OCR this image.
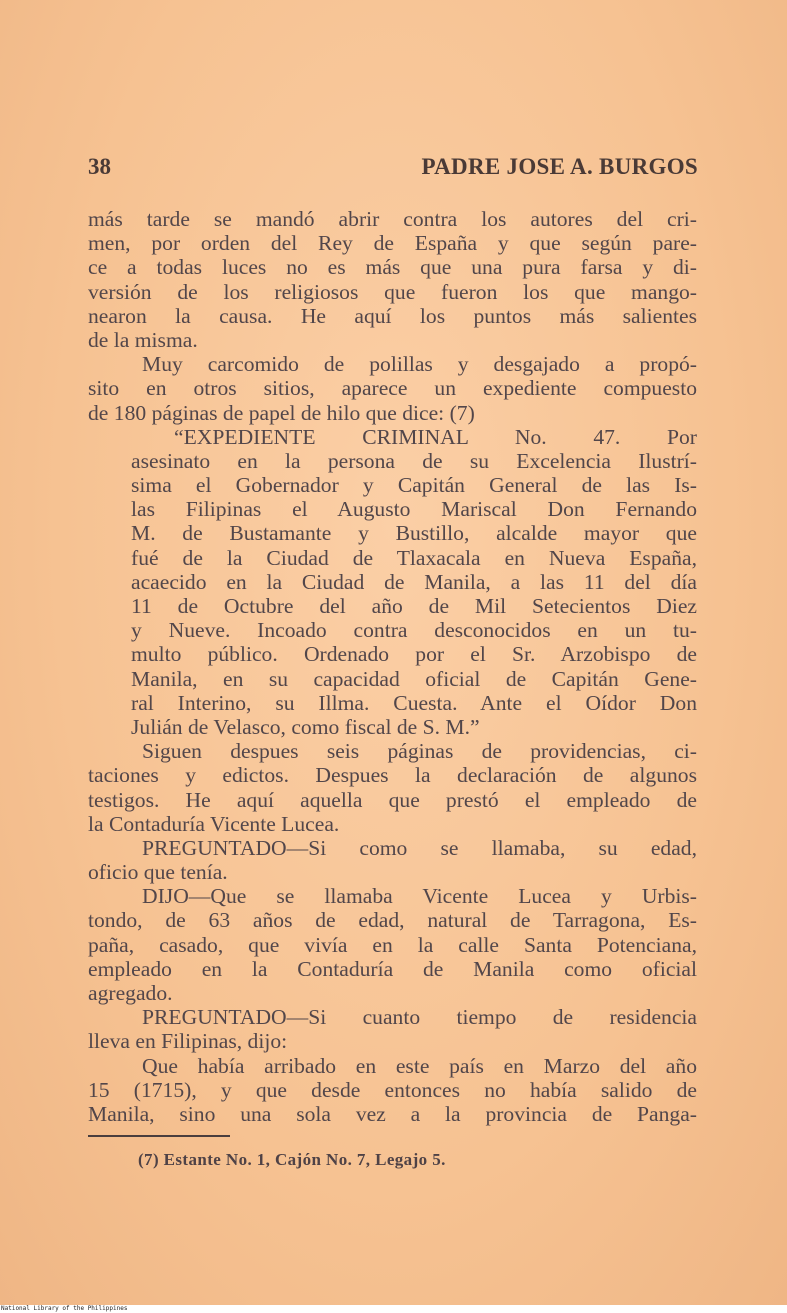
38	PADRE JOSE A. BURGOS
más tarde se mandó abrir contra los autores del cri-
men, por orden del Rey de España y que según pare-
ce a todas luces no es más que una pura farsa y di-
versión de los religiosos que fueron los que mango-
nearon la causa. He aquí los puntos más salientes
de la misma.
Muy carcomido de polillas y desgajado a propó-
sito en otros sitios, aparece un expediente compuesto
de 180 páginas de papel de hilo que dice: (7)
“EXPEDIENTE CRIMINAL No. 47. Por
asesinato en la persona de su Excelencia Ilustrí-
sima el Gobernador y Capitán General de las Is-
las Filipinas el Augusto Mariscal Don Fernando
M. de Bustamante y Bustillo, alcalde mayor que
fué de la Ciudad de Tlaxacala en Nueva España,
acaecido en la Ciudad de Manila, a las 11 del día
11 de Octubre del año de Mil Setecientos Diez
y Nueve. Incoado contra desconocidos en un tu-
multo público. Ordenado por el Sr. Arzobispo de
Manila, en su capacidad oficial de Capitán Gene-
ral Interino, su Illma. Cuesta. Ante el Oídor Don
Julián de Velasco, como fiscal de S. M.”
Siguen despues seis páginas de providencias, ci-
taciones y edictos. Despues la declaración de algunos
testigos. He aquí aquella que prestó el empleado de
la Contaduría Vicente Lucea.
PREGUNTADO—Si como se llamaba, su edad,
oficio que tenía.
DIJO—Que se llamaba Vicente Lucea y Urbis-
tondo, de 63 años de edad, natural de Tarragona, Es-
paña, casado, que vivía en la calle Santa Potenciana,
empleado en la Contaduría de Manila como oficial
agregado.
PREGUNTADO—Si cuanto tiempo de residencia
lleva en Filipinas, dijo:
Que había arribado en este país en Marzo del año
15 (1715), y que desde entonces no había salido de
Manila, sino una sola vez a la provincia de Panga-
(7) Estante No. 1, Cajón No. 7, Legajo 5.
National Library of the Philippines
